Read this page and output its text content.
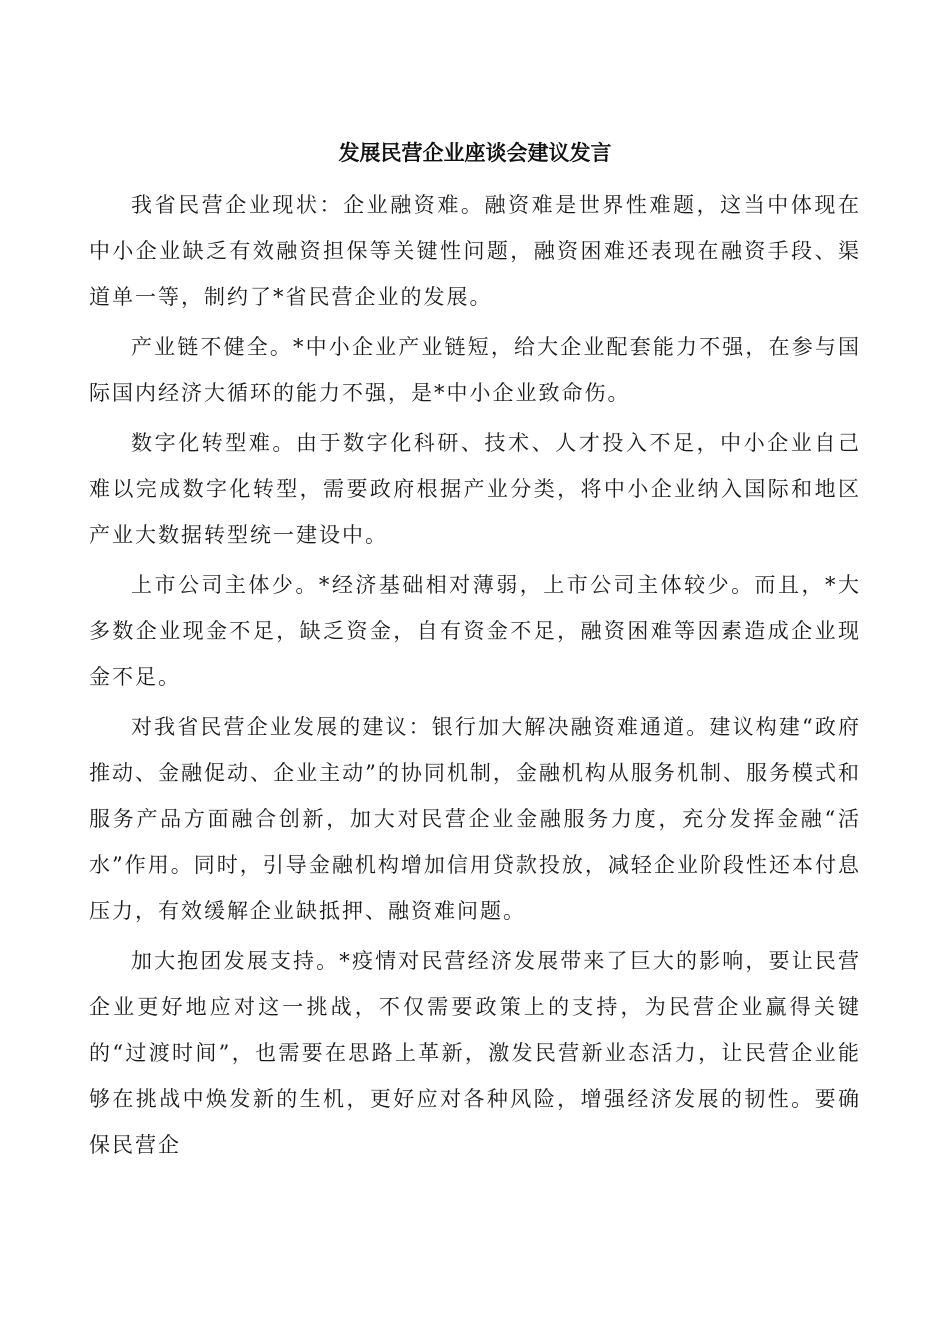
发展民营企业座谈会建议发言

我省民营企业现状：企业融资难。融资难是世界性难题，这当中体现在中小企业缺乏有效融资担保等关键性问题，融资困难还表现在融资手段、渠道单一等，制约了*省民营企业的发展。

产业链不健全。*中小企业产业链短，给大企业配套能力不强，在参与国际国内经济大循环的能力不强，是*中小企业致命伤。

数字化转型难。由于数字化科研、技术、人才投入不足，中小企业自己难以完成数字化转型，需要政府根据产业分类，将中小企业纳入国际和地区产业大数据转型统一建设中。

上市公司主体少。*经济基础相对薄弱，上市公司主体较少。而且，*大多数企业现金不足，缺乏资金，自有资金不足，融资困难等因素造成企业现金不足。

对我省民营企业发展的建议：银行加大解决融资难通道。建议构建“政府推动、金融促动、企业主动”的协同机制，金融机构从服务机制、服务模式和服务产品方面融合创新，加大对民营企业金融服务力度，充分发挥金融“活水”作用。同时，引导金融机构增加信用贷款投放，减轻企业阶段性还本付息压力，有效缓解企业缺抵押、融资难问题。

加大抱团发展支持。*疫情对民营经济发展带来了巨大的影响，要让民营企业更好地应对这一挑战，不仅需要政策上的支持，为民营企业赢得关键的“过渡时间”，也需要在思路上革新，激发民营新业态活力，让民营企业能够在挑战中焕发新的生机，更好应对各种风险，增强经济发展的韧性。要确保民营企
